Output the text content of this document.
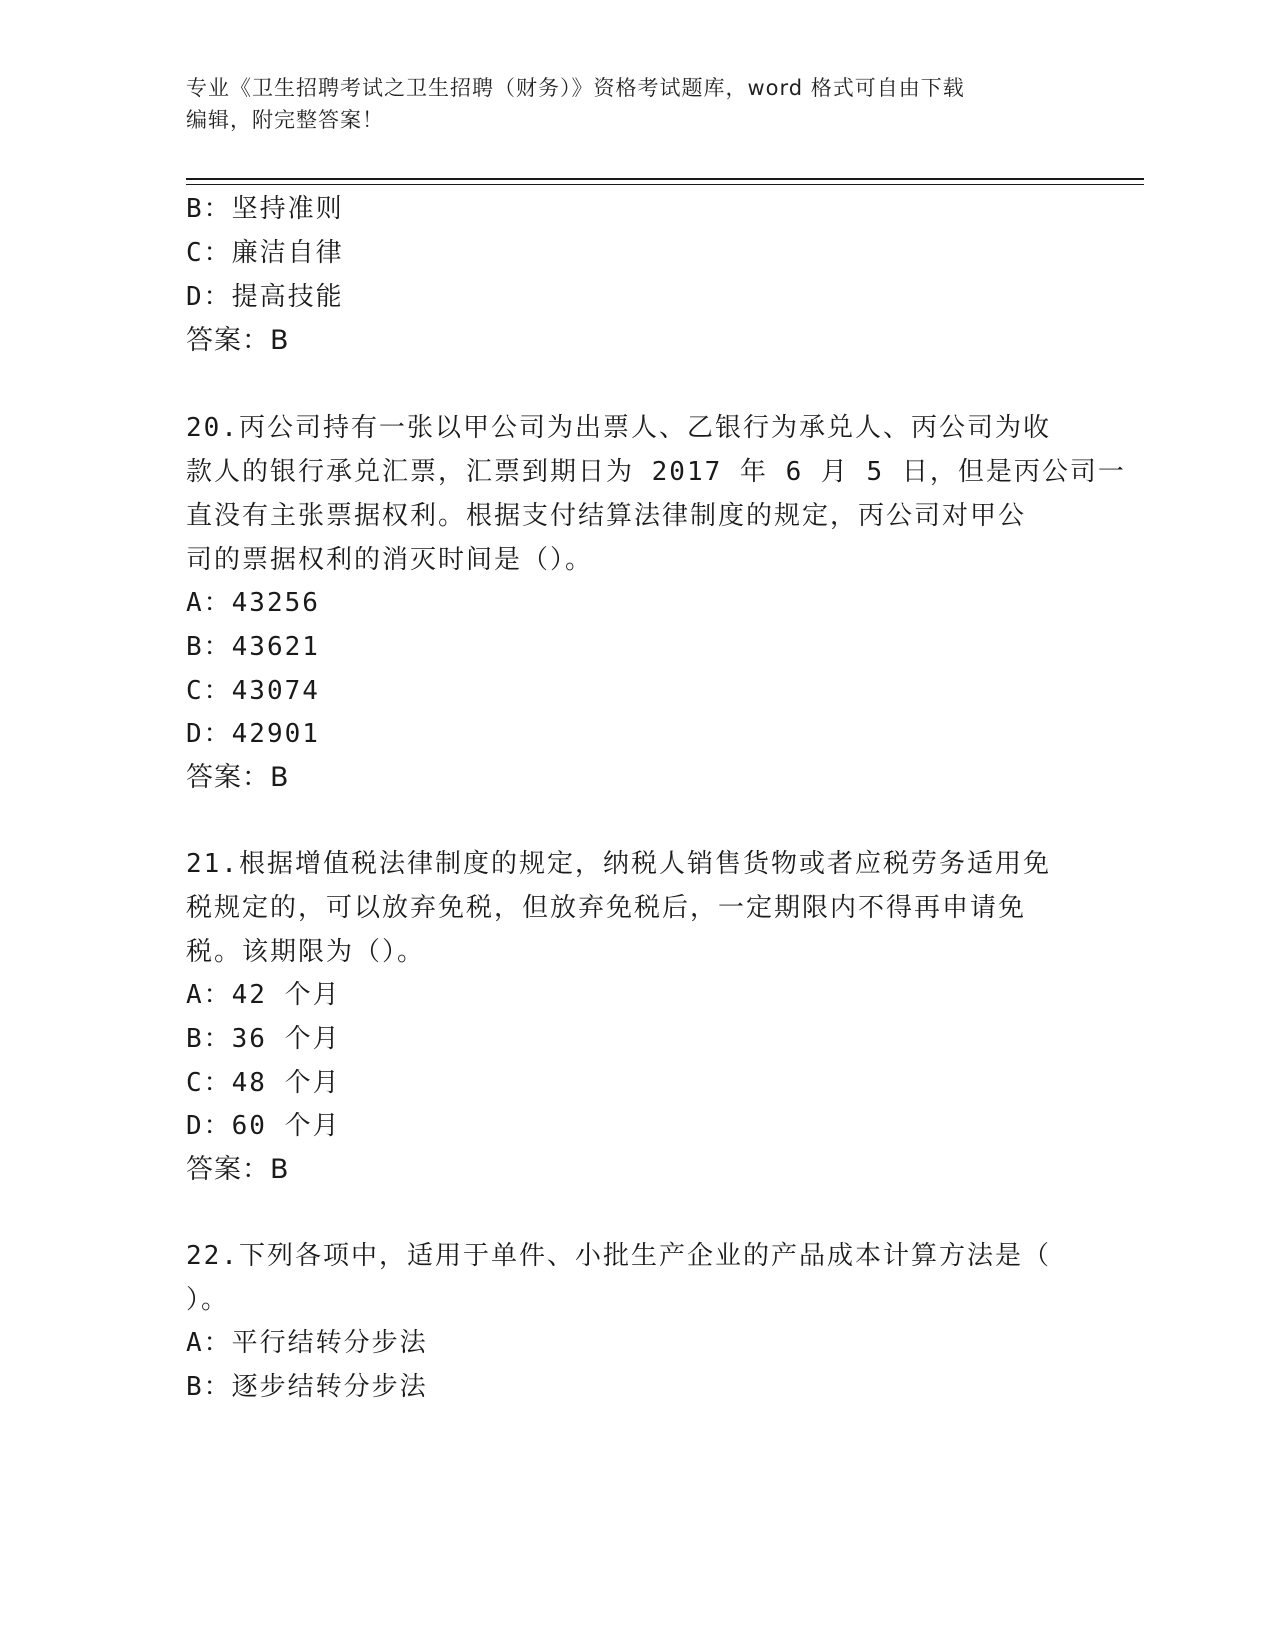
专业《卫生招聘考试之卫生招聘（财务）》资格考试题库，word 格式可自由下载
编辑，附完整答案！
B：坚持准则
C：廉洁自律
D：提高技能
答案：B
20.丙公司持有一张以甲公司为出票人、乙银行为承兑人、丙公司为收
款人的银行承兑汇票，汇票到期日为 2017 年 6 月 5 日，但是丙公司一
直没有主张票据权利。根据支付结算法律制度的规定，丙公司对甲公
司的票据权利的消灭时间是（）。
A：43256
B：43621
C：43074
D：42901
答案：B
21.根据增值税法律制度的规定，纳税人销售货物或者应税劳务适用免
税规定的，可以放弃免税，但放弃免税后，一定期限内不得再申请免
税。该期限为（）。
A：42 个月
B：36 个月
C：48 个月
D：60 个月
答案：B
22.下列各项中，适用于单件、小批生产企业的产品成本计算方法是（
）。
A：平行结转分步法
B：逐步结转分步法
